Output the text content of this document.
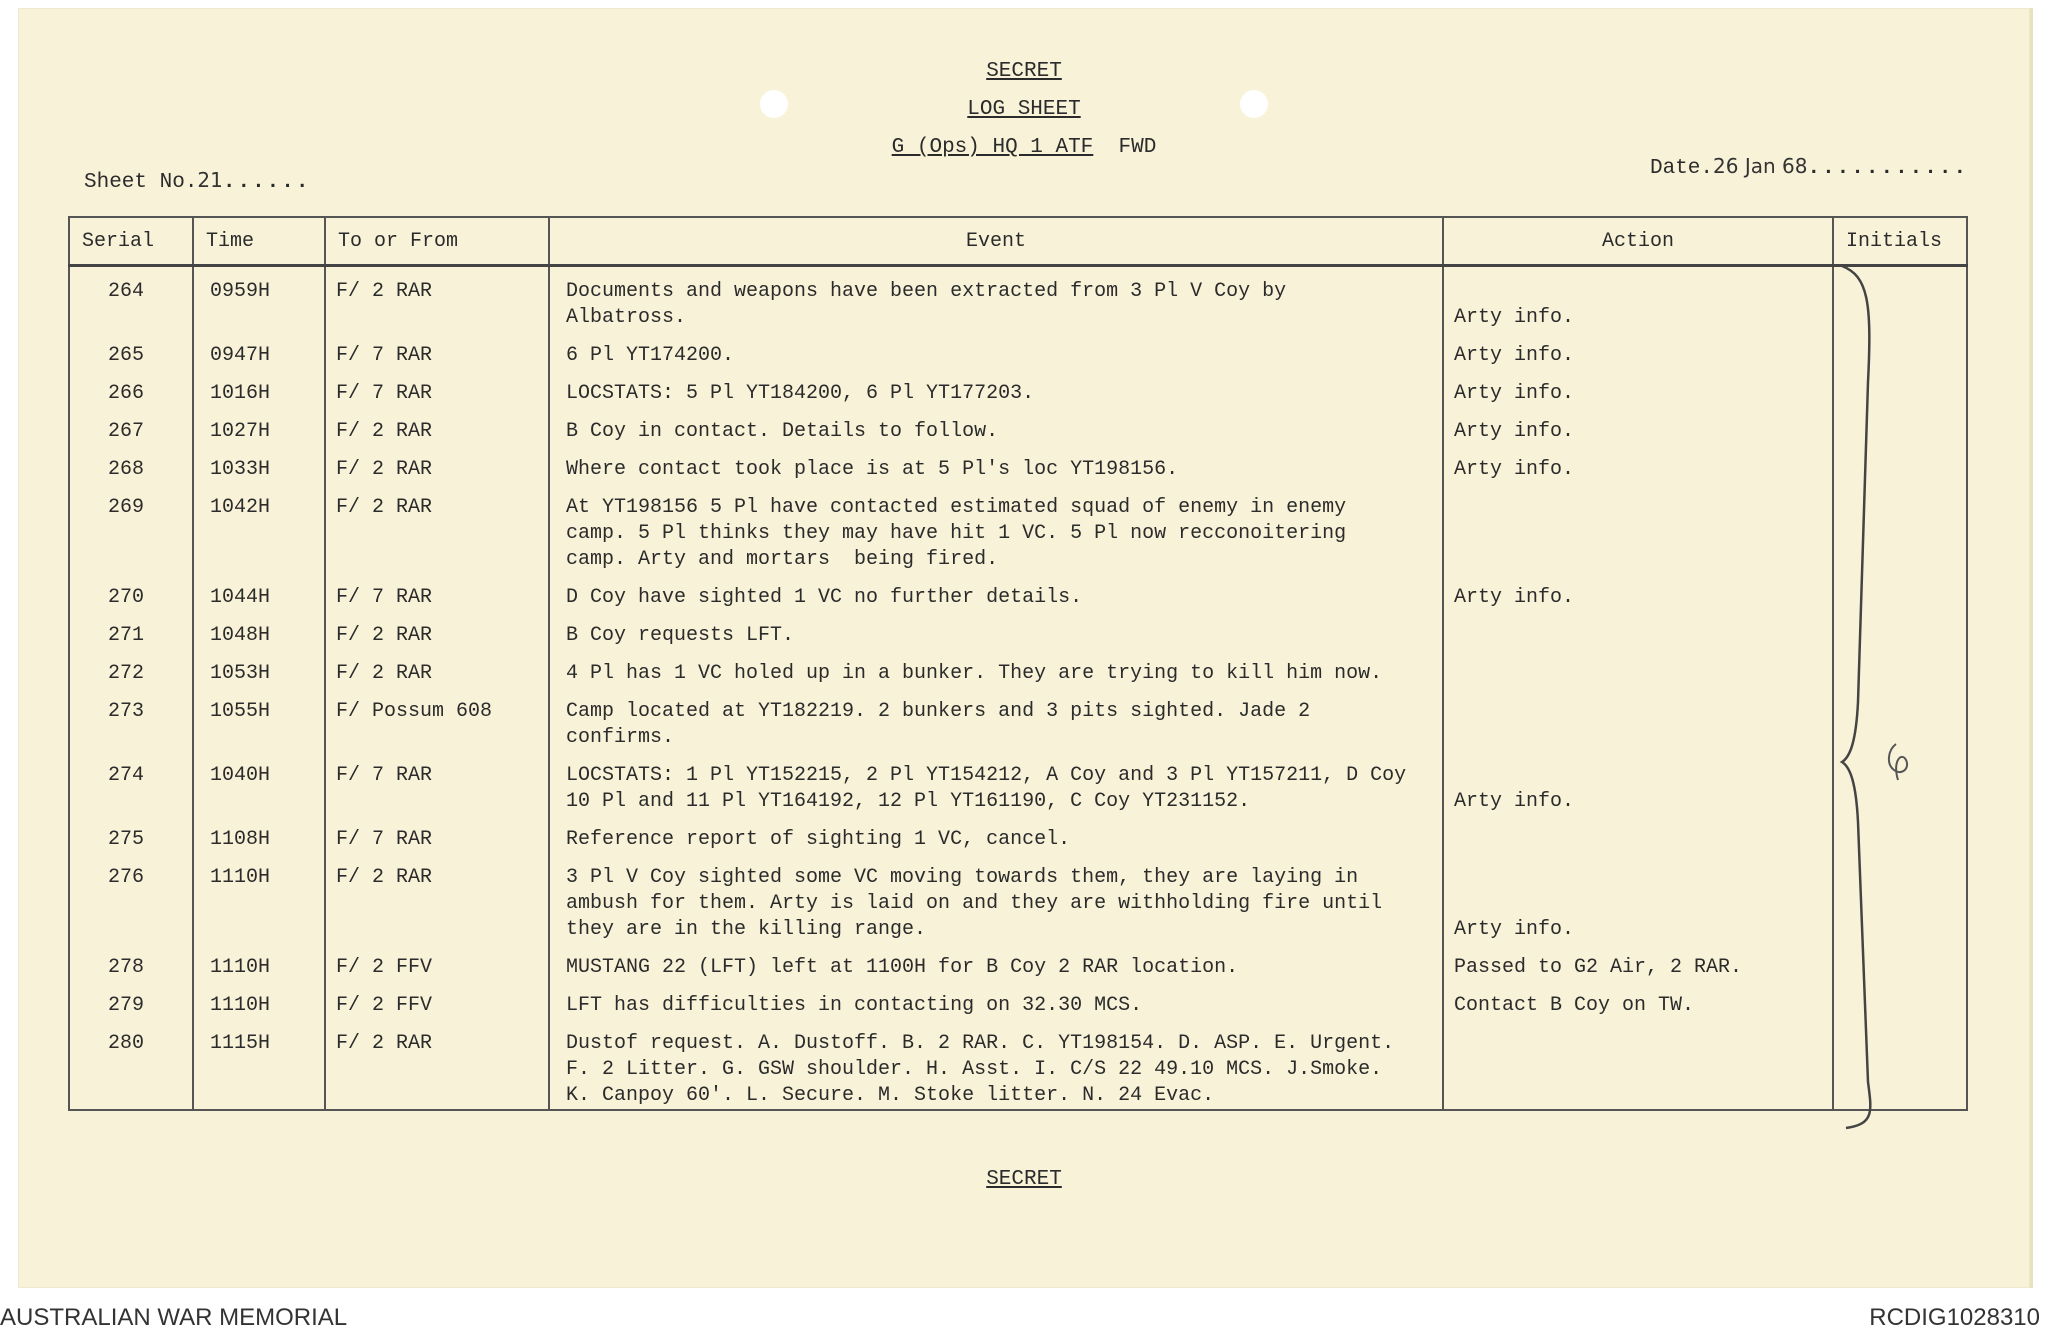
SECRET
LOG SHEET
G (Ops) HQ 1 ATF FWD
Sheet No.21......
Date.26 Jan 68...........
Serial	Time	To or From	Event	Action	Initials
264	0959H	F/ 2 RAR	Documents and weapons have been extracted from 3 Pl V Coy by
Albatross.	Arty info.	

265	0947H	F/ 7 RAR	6 Pl YT174200.	Arty info.	

266	1016H	F/ 7 RAR	LOCSTATS: 5 Pl YT184200, 6 Pl YT177203.	Arty info.	

267	1027H	F/ 2 RAR	B Coy in contact. Details to follow.	Arty info.	

268	1033H	F/ 2 RAR	Where contact took place is at 5 Pl's loc YT198156.	Arty info.	

269	1042H	F/ 2 RAR	At YT198156 5 Pl have contacted estimated squad of enemy in enemy
camp. 5 Pl thinks they may have hit 1 VC. 5 Pl now recconoitering
camp. Arty and mortars  being fired.		

270	1044H	F/ 7 RAR	D Coy have sighted 1 VC no further details.	Arty info.	

271	1048H	F/ 2 RAR	B Coy requests LFT.		

272	1053H	F/ 2 RAR	4 Pl has 1 VC holed up in a bunker. They are trying to kill him now.		

273	1055H	F/ Possum 608	Camp located at YT182219. 2 bunkers and 3 pits sighted. Jade 2
confirms.		

274	1040H	F/ 7 RAR	LOCSTATS: 1 Pl YT152215, 2 Pl YT154212, A Coy and 3 Pl YT157211, D Coy
10 Pl and 11 Pl YT164192, 12 Pl YT161190, C Coy YT231152.	Arty info.	

275	1108H	F/ 7 RAR	Reference report of sighting 1 VC, cancel.		

276	1110H	F/ 2 RAR	3 Pl V Coy sighted some VC moving towards them, they are laying in
ambush for them. Arty is laid on and they are withholding fire until
they are in the killing range.	Arty info.	

278	1110H	F/ 2 FFV	MUSTANG 22 (LFT) left at 1100H for B Coy 2 RAR location.	Passed to G2 Air, 2 RAR.	

279	1110H	F/ 2 FFV	LFT has difficulties in contacting on 32.30 MCS.	Contact B Coy on TW.	

280	1115H	F/ 2 RAR	Dustof request. A. Dustoff. B. 2 RAR. C. YT198154. D. ASP. E. Urgent.
F. 2 Litter. G. GSW shoulder. H. Asst. I. C/S 22 49.10 MCS. J.Smoke.
K. Canpoy 60'. L. Secure. M. Stoke litter. N. 24 Evac.		

SECRET
AUSTRALIAN WAR MEMORIAL	RCDIG1028310
